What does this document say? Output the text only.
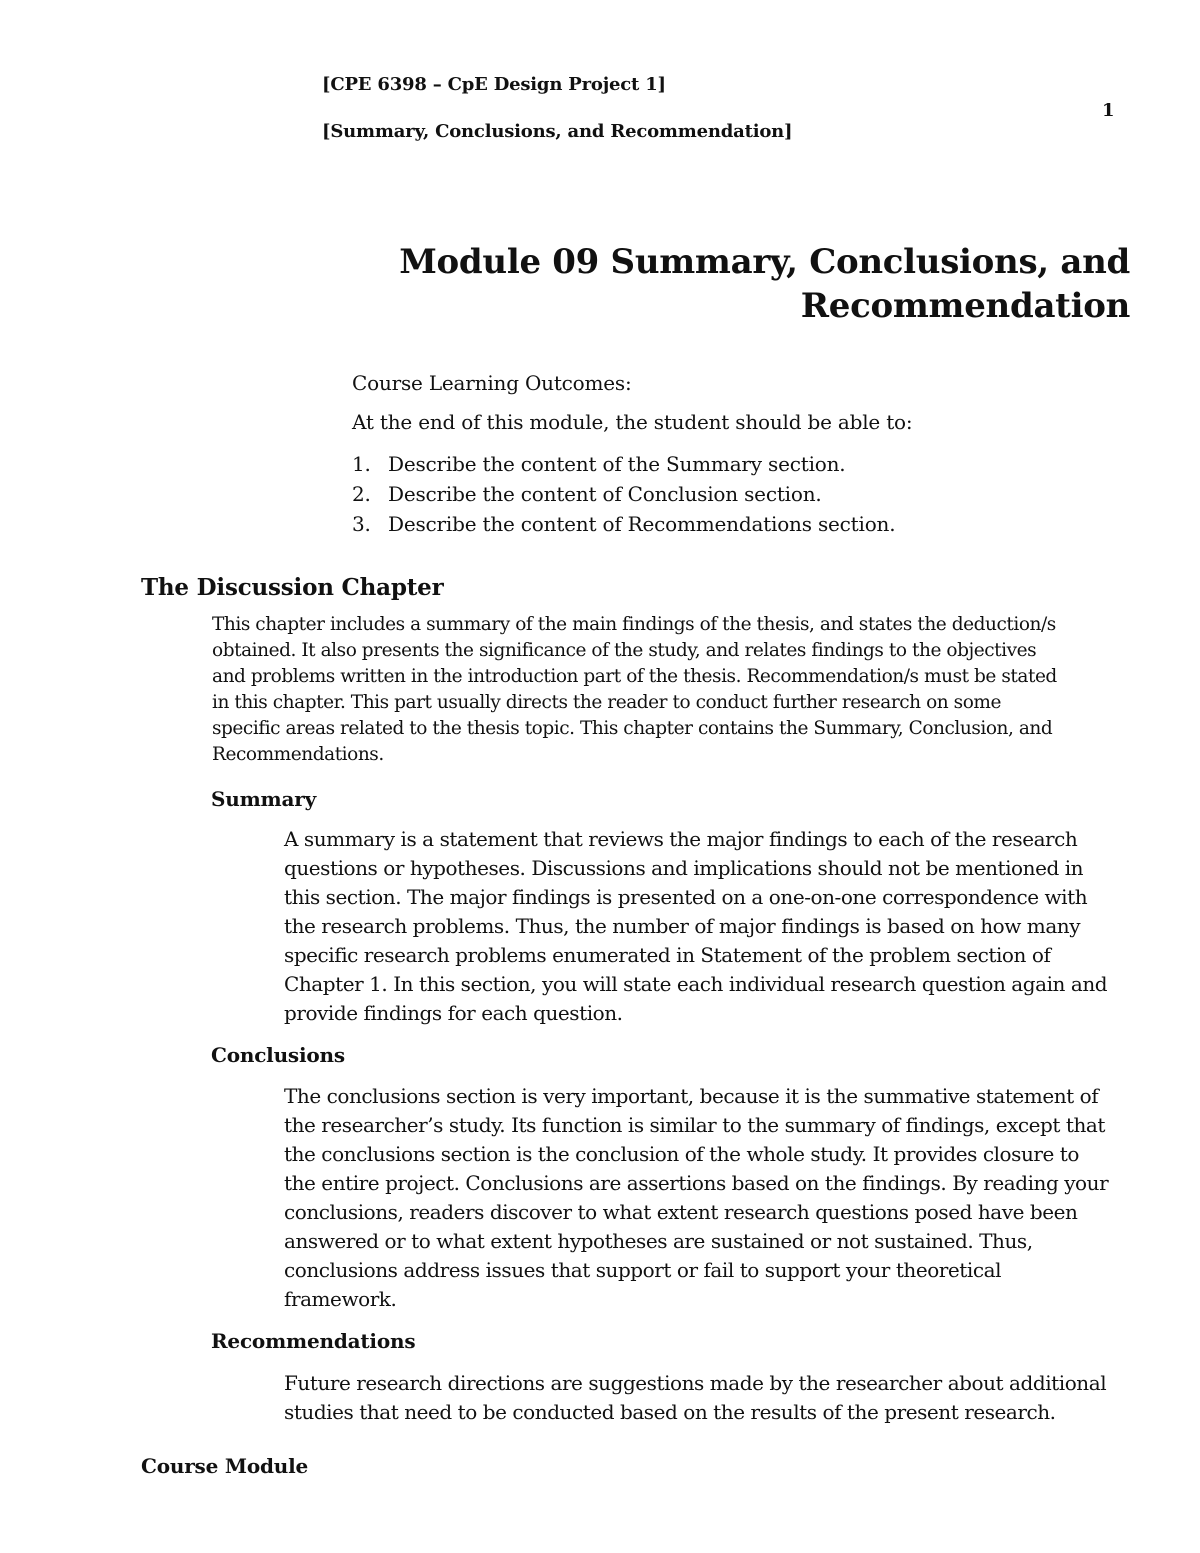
[CPE 6398 – CpE Design Project 1]
[Summary, Conclusions, and Recommendation]
1
Module 09 Summary, Conclusions, and
Recommendation
Course Learning Outcomes:
At the end of this module, the student should be able to:
1. Describe the content of the Summary section.
2. Describe the content of Conclusion section.
3. Describe the content of Recommendations section.
The Discussion Chapter
This chapter includes a summary of the main findings of the thesis, and states the deduction/s
obtained. It also presents the significance of the study, and relates findings to the objectives
and problems written in the introduction part of the thesis. Recommendation/s must be stated
in this chapter. This part usually directs the reader to conduct further research on some
specific areas related to the thesis topic. This chapter contains the Summary, Conclusion, and
Recommendations.
Summary
A summary is a statement that reviews the major findings to each of the research
questions or hypotheses. Discussions and implications should not be mentioned in
this section. The major findings is presented on a one-on-one correspondence with
the research problems. Thus, the number of major findings is based on how many
specific research problems enumerated in Statement of the problem section of
Chapter 1. In this section, you will state each individual research question again and
provide findings for each question.
Conclusions
The conclusions section is very important, because it is the summative statement of
the researcher’s study. Its function is similar to the summary of findings, except that
the conclusions section is the conclusion of the whole study. It provides closure to
the entire project. Conclusions are assertions based on the findings. By reading your
conclusions, readers discover to what extent research questions posed have been
answered or to what extent hypotheses are sustained or not sustained. Thus,
conclusions address issues that support or fail to support your theoretical
framework.
Recommendations
Future research directions are suggestions made by the researcher about additional
studies that need to be conducted based on the results of the present research.
Course Module
